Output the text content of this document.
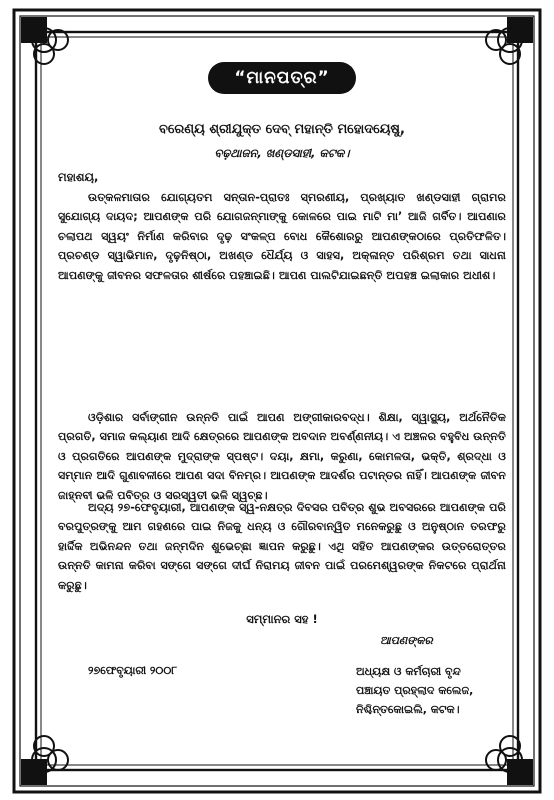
“ମାନପତ୍ର”
ବରେଣ୍ୟ ଶ୍ରୀଯୁକ୍ତ ଦେବ୍ ମହାନ୍ତି ମହୋଦୟେଷୁ,
ବଢ଼ଥାଜନ, ଖଣ୍ଡସାହୀ, କଟକ।
ମହାଶୟ,
ଉତ୍କଳମାତାର ଯୋଗ୍ୟତମ ସନ୍ତାନ-ପ୍ରାତଃ ସ୍ମରଣୀୟ, ପ୍ରଖ୍ୟାତ ଖଣ୍ଡସାହୀ ଗ୍ରାମର ସୁଯୋଗ୍ୟ ଦାୟଦ; ଆପଣଙ୍କ ପରି ଯୋଗଜନ୍ମାଙ୍କୁ କୋଳରେ ପାଇ ମାଟି ମା’ ଆଜି ଗର୍ବିତ। ଆପଣାର ଚଲାପଥ ସ୍ୱୟଂ ନିର୍ମାଣ କରିବାର ଦୃଢ଼ ସଂକଳ୍ପ ବୋଧ କୈଶୋରରୁ ଆପଣଙ୍କଠାରେ ପ୍ରତିଫଳିତ। ପ୍ରଚଣ୍ଡ ସ୍ୱାଭିମାନ, ଦୃଢ଼ନିଷ୍ଠା, ଅଖଣ୍ଡ ଧୈର୍ଯ୍ୟ ଓ ସାହସ, ଅକ୍ଳାନ୍ତ ପରିଶ୍ରମ ତଥା ସାଧନା ଆପଣଙ୍କୁ ଜୀବନର ସଫଳତାର ଶୀର୍ଷରେ ପହଞ୍ଚାଇଛି। ଆପଣ ପାଲଟିଯାଇଛନ୍ତି ଅପହଞ୍ଚ ଇଲାକାର ଅଧୀଶ।
ଓଡ଼ିଶାର ସର୍ବାଙ୍ଗୀନ ଉନ୍ନତି ପାଇଁ ଆପଣ ଅଙ୍ଗୀକାରବଦ୍ଧ। ଶିକ୍ଷା, ସ୍ୱାସ୍ଥ୍ୟ, ଅର୍ଥନୈତିକ ପ୍ରଗତି, ସମାଜ କଲ୍ୟାଣ ଆଦି କ୍ଷେତ୍ରରେ ଆପଣଙ୍କ ଅବଦାନ ଅବର୍ଣ୍ଣନୀୟ। ଏ ଅଞ୍ଚଳର ବହୁବିଧ ଉନ୍ନତି ଓ ପ୍ରଗତିରେ ଆପଣଙ୍କ ମୁଦ୍ରାଙ୍କ ସ୍ପଷ୍ଟ। ଦୟା, କ୍ଷମା, କରୁଣା, କୋମଳତା, ଭକ୍ତି, ଶ୍ରଦ୍ଧା ଓ ସମ୍ମାନ ଆଦି ଗୁଣାବଳୀରେ ଆପଣ ସଦା ବିନମ୍ର। ଆପଣଙ୍କ ଆଦର୍ଶର ପଟାନ୍ତର ନାହିଁ। ଆପଣଙ୍କ ଜୀବନ ଜାହ୍ନବୀ ଭଳି ପବିତ୍ର ଓ ସରସ୍ୱତୀ ଭଳି ସ୍ୱଚ୍ଛ।
ଅଦ୍ୟ ୨୭-ଫେବୃୟାରୀ, ଆପଣଙ୍କ ସ୍ୱ-ନକ୍ଷତ୍ର ଦିବସର ପବିତ୍ର ଶୁଭ ଅବସରରେ ଆପଣଙ୍କ ପରି ବରପୁତ୍ରଙ୍କୁ ଆମ ଗହଣରେ ପାଇ ନିଜକୁ ଧନ୍ୟ ଓ ଗୌରବାନ୍ୱିତ ମନେକରୁଛୁ ଓ ଅନୁଷ୍ଠାନ ତରଫରୁ ହାର୍ଦ୍ଦିକ ଅଭିନନ୍ଦନ ତଥା ଜନ୍ମଦିନ ଶୁଭେଚ୍ଛା ଜ୍ଞାପନ କରୁଛୁ। ଏଥି ସହିତ ଆପଣଙ୍କର ଉତ୍ତରୋତ୍ତର ଉନ୍ନତି କାମନା କରିବା ସଙ୍ଗେ ସଙ୍ଗେ ଦୀର୍ଘ ନିରାମୟ ଜୀବନ ପାଇଁ ପରମେଶ୍ୱରଙ୍କ ନିକଟରେ ପ୍ରାର୍ଥନା କରୁଛୁ।
ସମ୍ମାନର ସହ !
ଆପଣଙ୍କର
୨୭ଫେବୃୟାରୀ ୨୦୦୮	ଅଧ୍ୟକ୍ଷ ଓ କର୍ମଚାରୀ ବୃନ୍ଦ
ପଞ୍ଚାୟତ ପ୍ରହ୍ଲାଦ କଲେଜ,
ନିଶ୍ଚିନ୍ତକୋଇଲି, କଟକ।
